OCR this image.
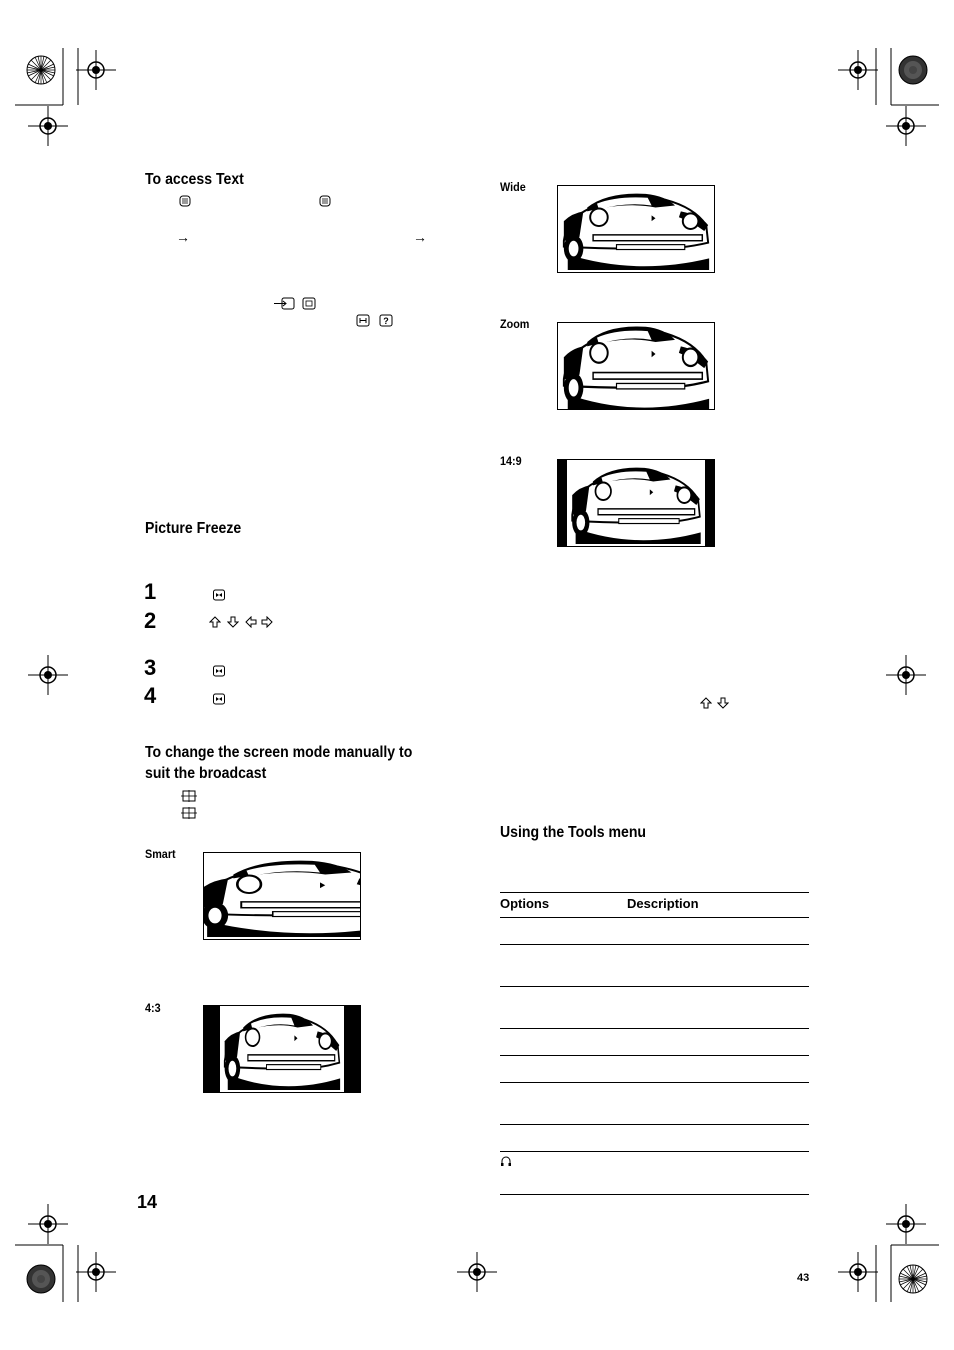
To access Text
→	→
?
Picture Freeze
1
2
3
4
To change the screen mode manually to
suit the broadcast
Smart
4:3
14
Wide
Zoom
14:9
Using the Tools menu
Options	Description
43
